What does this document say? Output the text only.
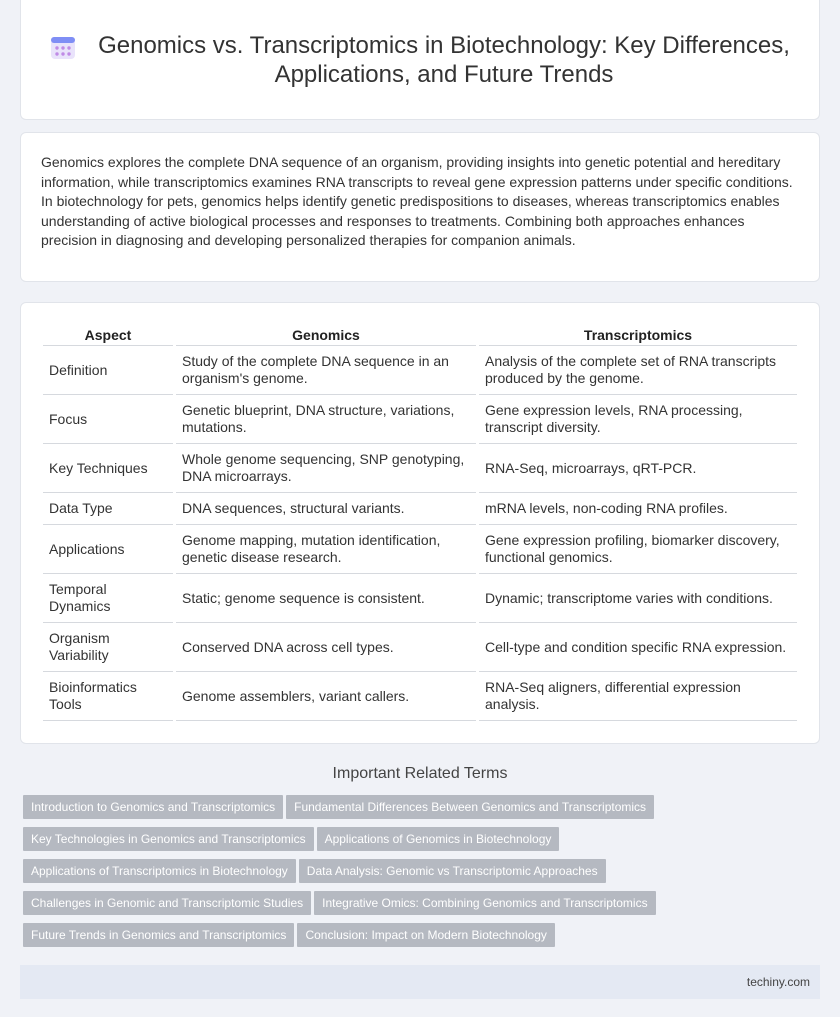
Genomics vs. Transcriptomics in Biotechnology: Key Differences, Applications, and Future Trends

Genomics explores the complete DNA sequence of an organism, providing insights into genetic potential and hereditary information, while transcriptomics examines RNA transcripts to reveal gene expression patterns under specific conditions. In biotechnology for pets, genomics helps identify genetic predispositions to diseases, whereas transcriptomics enables understanding of active biological processes and responses to treatments. Combining both approaches enhances precision in diagnosing and developing personalized therapies for companion animals.

Aspect		Genomics		Transcriptomics
Definition		Study of the complete DNA sequence in an organism's genome.		Analysis of the complete set of RNA transcripts produced by the genome.
Focus		Genetic blueprint, DNA structure, variations, mutations.		Gene expression levels, RNA processing, transcript diversity.
Key Techniques		Whole genome sequencing, SNP genotyping, DNA microarrays.		RNA-Seq, microarrays, qRT-PCR.
Data Type		DNA sequences, structural variants.		mRNA levels, non-coding RNA profiles.
Applications		Genome mapping, mutation identification, genetic disease research.		Gene expression profiling, biomarker discovery, functional genomics.
Temporal Dynamics		Static; genome sequence is consistent.		Dynamic; transcriptome varies with conditions.
Organism Variability		Conserved DNA across cell types.		Cell-type and condition specific RNA expression.
Bioinformatics Tools		Genome assemblers, variant callers.		RNA-Seq aligners, differential expression analysis.
Important Related Terms
Introduction to Genomics and Transcriptomics Fundamental Differences Between Genomics and Transcriptomics
Key Technologies in Genomics and Transcriptomics Applications of Genomics in Biotechnology
Applications of Transcriptomics in Biotechnology Data Analysis: Genomic vs Transcriptomic Approaches
Challenges in Genomic and Transcriptomic Studies Integrative Omics: Combining Genomics and Transcriptomics
Future Trends in Genomics and Transcriptomics Conclusion: Impact on Modern Biotechnology

techiny.com
